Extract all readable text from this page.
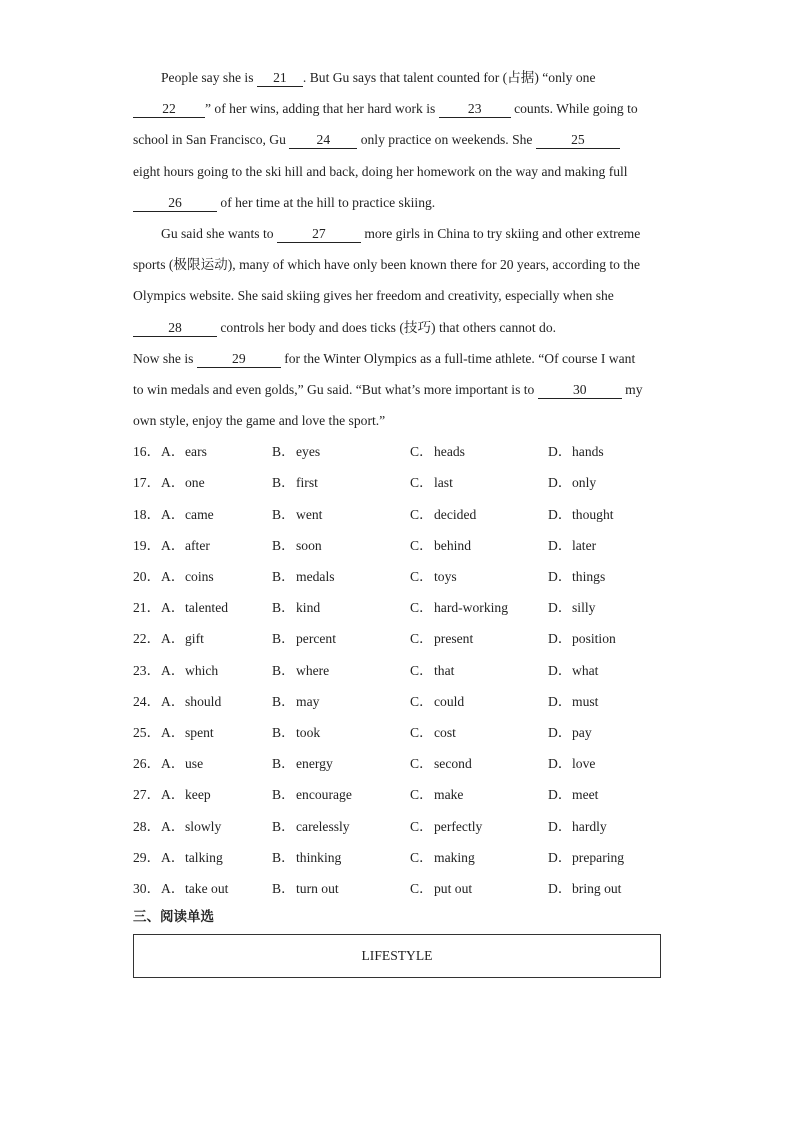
People say she is 21 . But Gu says that talent counted for (占据) “only one
22 ” of her wins, adding that her hard work is 23 counts. While going to
school in San Francisco, Gu 24 only practice on weekends. She	25
eight hours going to the ski hill and back, doing her homework on the way and making full
26	of her time at the hill to practice skiing.
Gu said she wants to	27	more girls in China to try skiing and other extreme
sports (极限运动), many of which have only been known there for 20 years, according to the
Olympics website. She said skiing gives her freedom and creativity, especially when she
28	controls her body and does ticks (技巧) that others cannot do.
Now she is	29	for the Winter Olympics as a full-time athlete. “Of course I want
to win medals and even golds,” Gu said. “But what’s more important is to	30	my
own style, enjoy the game and love the sport.”
16．A．ears	B．eyes	C．heads	D．hands
17．A．one	B．first	C．last	D．only
18．A．came	B．went	C．decided	D．thought
19．A．after	B．soon	C．behind	D．later
20．A．coins	B．medals	C．toys	D．things
21．A．talented	B．kind	C．hard-working	D．silly
22．A．gift	B．percent	C．present	D．position
23．A．which	B．where	C．that	D．what
24．A．should	B．may	C．could	D．must
25．A．spent	B．took	C．cost	D．pay
26．A．use	B．energy	C．second	D．love
27．A．keep	B．encourage	C．make	D．meet
28．A．slowly	B．carelessly	C．perfectly	D．hardly
29．A．talking	B．thinking	C．making	D．preparing
30．A．take out	B．turn out	C．put out	D．bring out
三、阅读单选
LIFESTYLE
